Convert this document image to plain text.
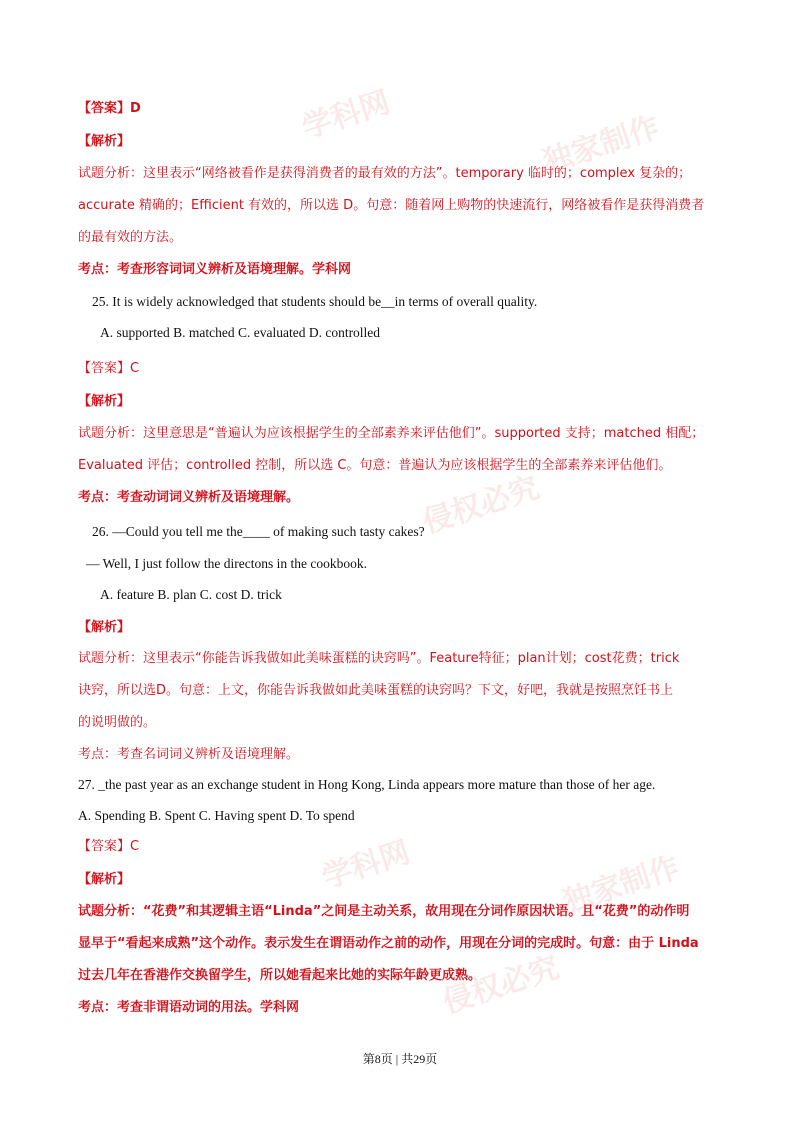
学科网	独家制作
侵权必究
学科网	独家制作
侵权必究
【答案】D
【解析】
试题分析：这里表示“网络被看作是获得消费者的最有效的方法”。temporary 临时的；complex 复杂的；
accurate 精确的；Efficient 有效的，所以选 D。句意：随着网上购物的快速流行，网络被看作是获得消费者
的最有效的方法。
考点：考查形容词词义辨析及语境理解。学科网
25. It is widely acknowledged that students should be__in terms of overall quality.
A. supported B. matched C. evaluated D. controlled
【答案】C
【解析】
试题分析：这里意思是“普遍认为应该根据学生的全部素养来评估他们”。supported 支持；matched 相配；
Evaluated 评估；controlled 控制，所以选 C。句意：普遍认为应该根据学生的全部素养来评估他们。
考点：考查动词词义辨析及语境理解。
26. —Could you tell me the____ of making such tasty cakes?
— Well, I just follow the directons in the cookbook.
A. feature B. plan C. cost D. trick
【解析】
试题分析：这里表示“你能告诉我做如此美味蛋糕的诀窍吗”。Feature特征；plan计划；cost花费；trick
诀窍，所以选D。句意：上文，你能告诉我做如此美味蛋糕的诀窍吗？下文，好吧，我就是按照烹饪书上
的说明做的。
考点：考查名词词义辨析及语境理解。
27. _the past year as an exchange student in Hong Kong, Linda appears more mature than those of her age.
A. Spending B. Spent C. Having spent D. To spend
【答案】C
【解析】
试题分析：“花费”和其逻辑主语“Linda”之间是主动关系，故用现在分词作原因状语。且“花费”的动作明
显早于“看起来成熟”这个动作。表示发生在谓语动作之前的动作，用现在分词的完成时。句意：由于 Linda
过去几年在香港作交换留学生，所以她看起来比她的实际年龄更成熟。
考点：考查非谓语动词的用法。学科网
第8页 | 共29页
